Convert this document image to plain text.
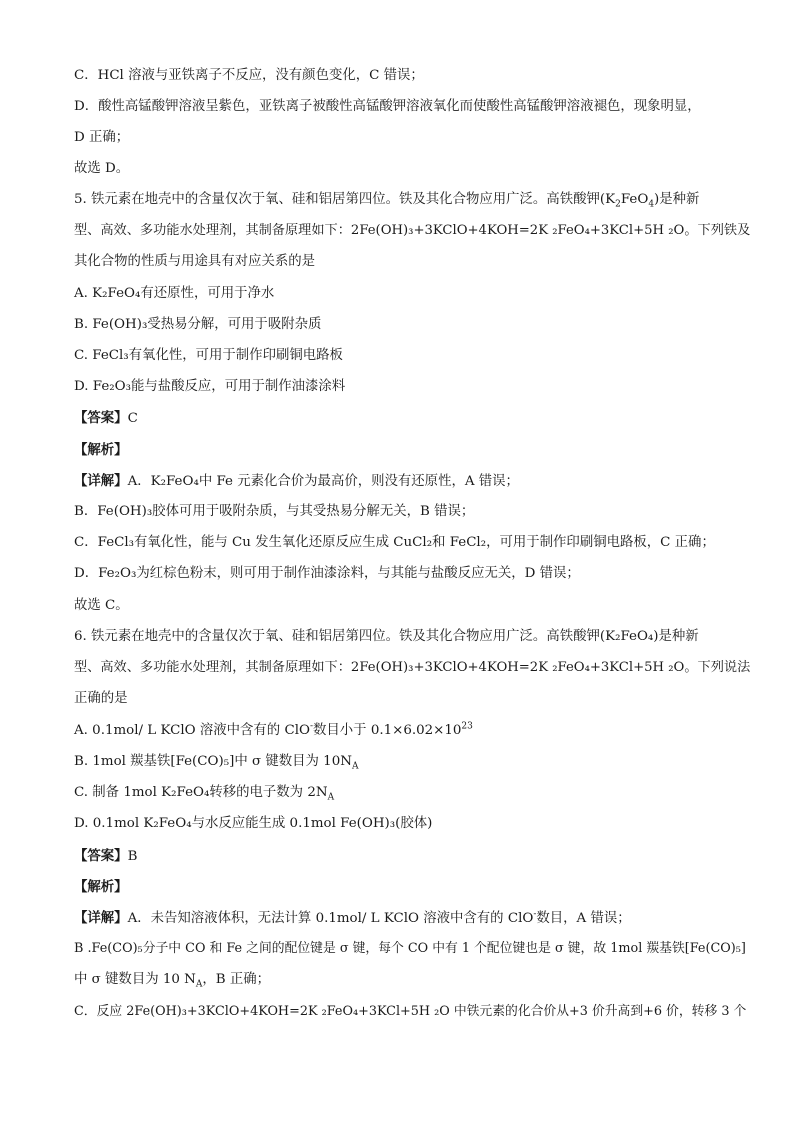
C．HCl 溶液与亚铁离子不反应，没有颜色变化，C 错误；
D．酸性高锰酸钾溶液呈紫色，亚铁离子被酸性高锰酸钾溶液氧化而使酸性高锰酸钾溶液褪色，现象明显，
D 正确；
故选 D。
5. 铁元素在地壳中的含量仅次于氧、硅和铝居第四位。铁及其化合物应用广泛。高铁酸钾$(K_2FeO_4)$是种新
型、高效、多功能水处理剂，其制备原理如下：2Fe(OH)₃+3KClO+4KOH=2K ₂FeO₄+3KCl+5H ₂O。下列铁及
其化合物的性质与用途具有对应关系的是
A. K₂FeO₄有还原性，可用于净水
B. Fe(OH)₃受热易分解，可用于吸附杂质
C. FeCl₃有氧化性，可用于制作印刷铜电路板
D. Fe₂O₃能与盐酸反应，可用于制作油漆涂料
【答案】C
【解析】
【详解】A．K₂FeO₄中 Fe 元素化合价为最高价，则没有还原性，A 错误；
B．Fe(OH)₃胶体可用于吸附杂质，与其受热易分解无关，B 错误；
C．FeCl₃有氧化性，能与 Cu 发生氧化还原反应生成 CuCl₂和 FeCl₂，可用于制作印刷铜电路板，C 正确；
D．Fe₂O₃为红棕色粉末，则可用于制作油漆涂料，与其能与盐酸反应无关，D 错误；
故选 C。
6. 铁元素在地壳中的含量仅次于氧、硅和铝居第四位。铁及其化合物应用广泛。高铁酸钾(K₂FeO₄)是种新
型、高效、多功能水处理剂，其制备原理如下：2Fe(OH)₃+3KClO+4KOH=2K ₂FeO₄+3KCl+5H ₂O。下列说法
正确的是
A. 0.1mol/ L KClO 溶液中含有的 ClO-数目小于 $0.1\times 6.02\times 10^{23}$
B. 1mol 羰基铁[Fe(CO)₅]中 σ 键数目为 $10N_A$
C. 制备 1mol K₂FeO₄转移的电子数为 $2N_A$
D. 0.1mol K₂FeO₄与水反应能生成 0.1mol Fe(OH)₃(胶体)
【答案】B
【解析】
【详解】A．未告知溶液体积，无法计算 0.1mol/ L KClO 溶液中含有的 ClO-数目，A 错误；
B .Fe(CO)₅分子中 CO 和 Fe 之间的配位键是 σ 键，每个 CO 中有 1 个配位键也是 σ 键，故 1mol 羰基铁[Fe(CO)₅]
中 σ 键数目为 10 $N_A$，B 正确；
C．反应 2Fe(OH)₃+3KClO+4KOH=2K ₂FeO₄+3KCl+5H ₂O 中铁元素的化合价从+3 价升高到+6 价，转移 3 个
